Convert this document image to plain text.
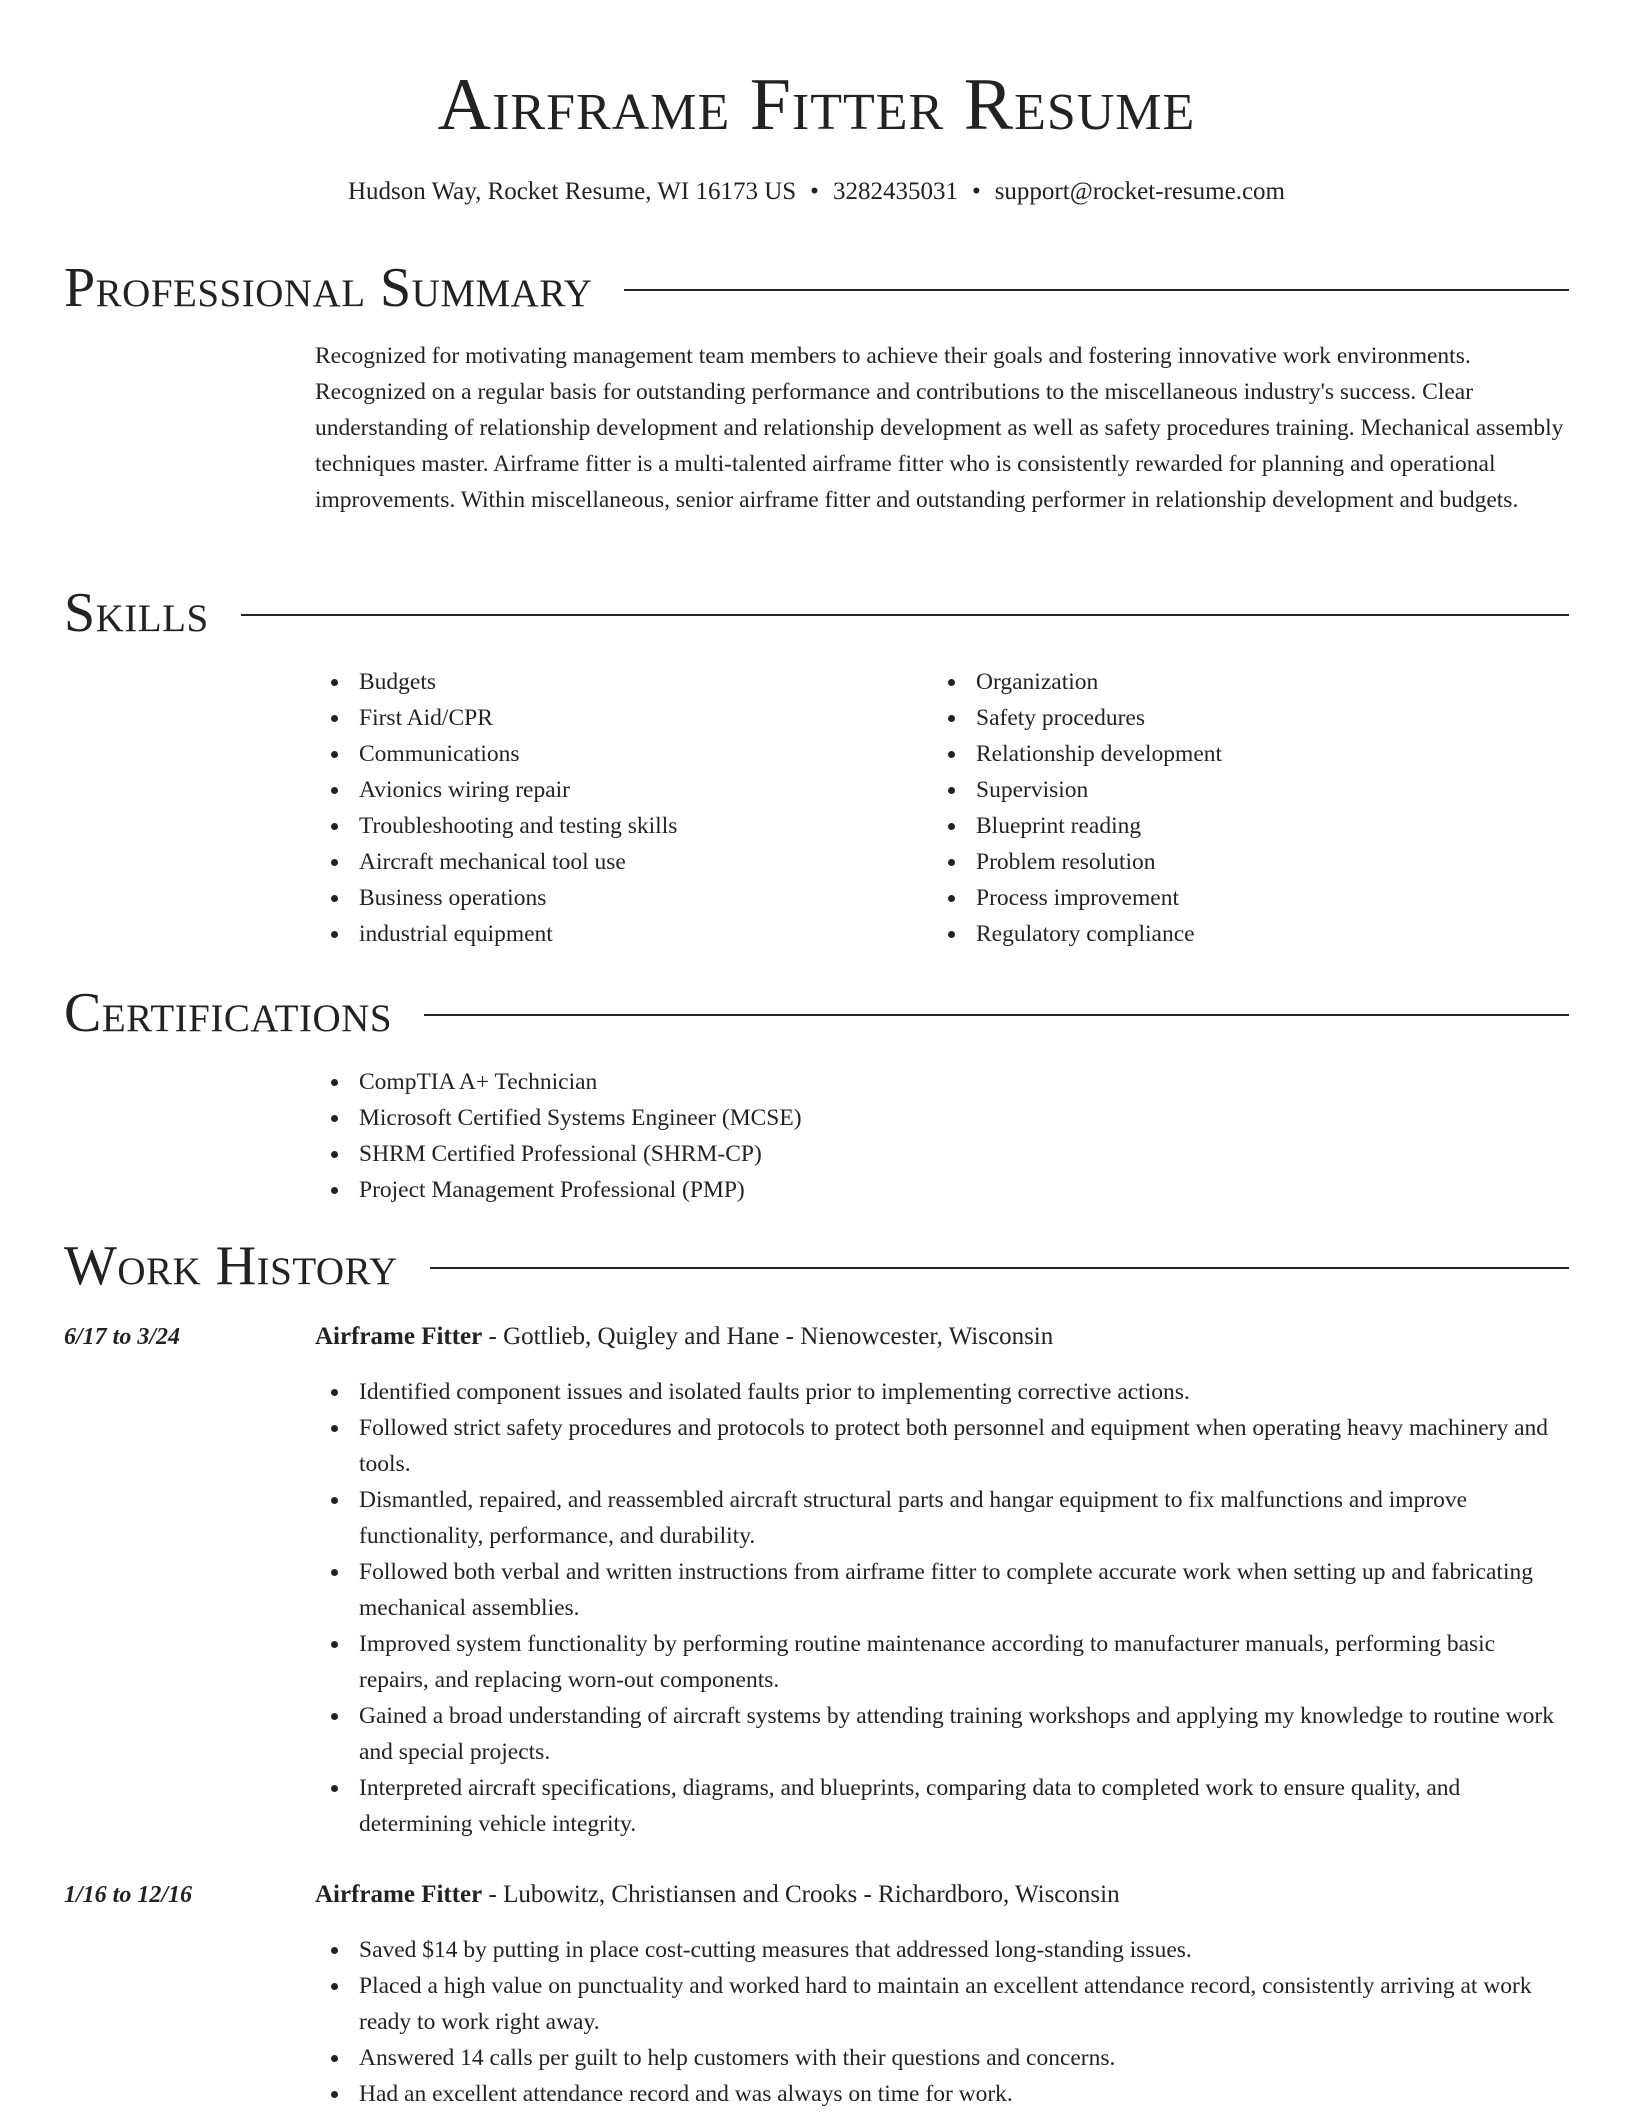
Airframe Fitter Resume
Hudson Way, Rocket Resume, WI 16173 US • 3282435031 • support@rocket-resume.com
Professional Summary
Recognized for motivating management team members to achieve their goals and fostering innovative work environments. Recognized on a regular basis for outstanding performance and contributions to the miscellaneous industry's success. Clear understanding of relationship development and relationship development as well as safety procedures training. Mechanical assembly techniques master. Airframe fitter is a multi-talented airframe fitter who is consistently rewarded for planning and operational improvements. Within miscellaneous, senior airframe fitter and outstanding performer in relationship development and budgets.
Skills
Budgets
First Aid/CPR
Communications
Avionics wiring repair
Troubleshooting and testing skills
Aircraft mechanical tool use
Business operations
industrial equipment
Organization
Safety procedures
Relationship development
Supervision
Blueprint reading
Problem resolution
Process improvement
Regulatory compliance
Certifications
CompTIA A+ Technician
Microsoft Certified Systems Engineer (MCSE)
SHRM Certified Professional (SHRM-CP)
Project Management Professional (PMP)
Work History
6/17 to 3/24	Airframe Fitter - Gottlieb, Quigley and Hane - Nienowcester, Wisconsin
Identified component issues and isolated faults prior to implementing corrective actions.
Followed strict safety procedures and protocols to protect both personnel and equipment when operating heavy machinery and tools.
Dismantled, repaired, and reassembled aircraft structural parts and hangar equipment to fix malfunctions and improve functionality, performance, and durability.
Followed both verbal and written instructions from airframe fitter to complete accurate work when setting up and fabricating mechanical assemblies.
Improved system functionality by performing routine maintenance according to manufacturer manuals, performing basic repairs, and replacing worn-out components.
Gained a broad understanding of aircraft systems by attending training workshops and applying my knowledge to routine work and special projects.
Interpreted aircraft specifications, diagrams, and blueprints, comparing data to completed work to ensure quality, and determining vehicle integrity.
1/16 to 12/16	Airframe Fitter - Lubowitz, Christiansen and Crooks - Richardboro, Wisconsin
Saved $14 by putting in place cost-cutting measures that addressed long-standing issues.
Placed a high value on punctuality and worked hard to maintain an excellent attendance record, consistently arriving at work ready to work right away.
Answered 14 calls per guilt to help customers with their questions and concerns.
Had an excellent attendance record and was always on time for work.
